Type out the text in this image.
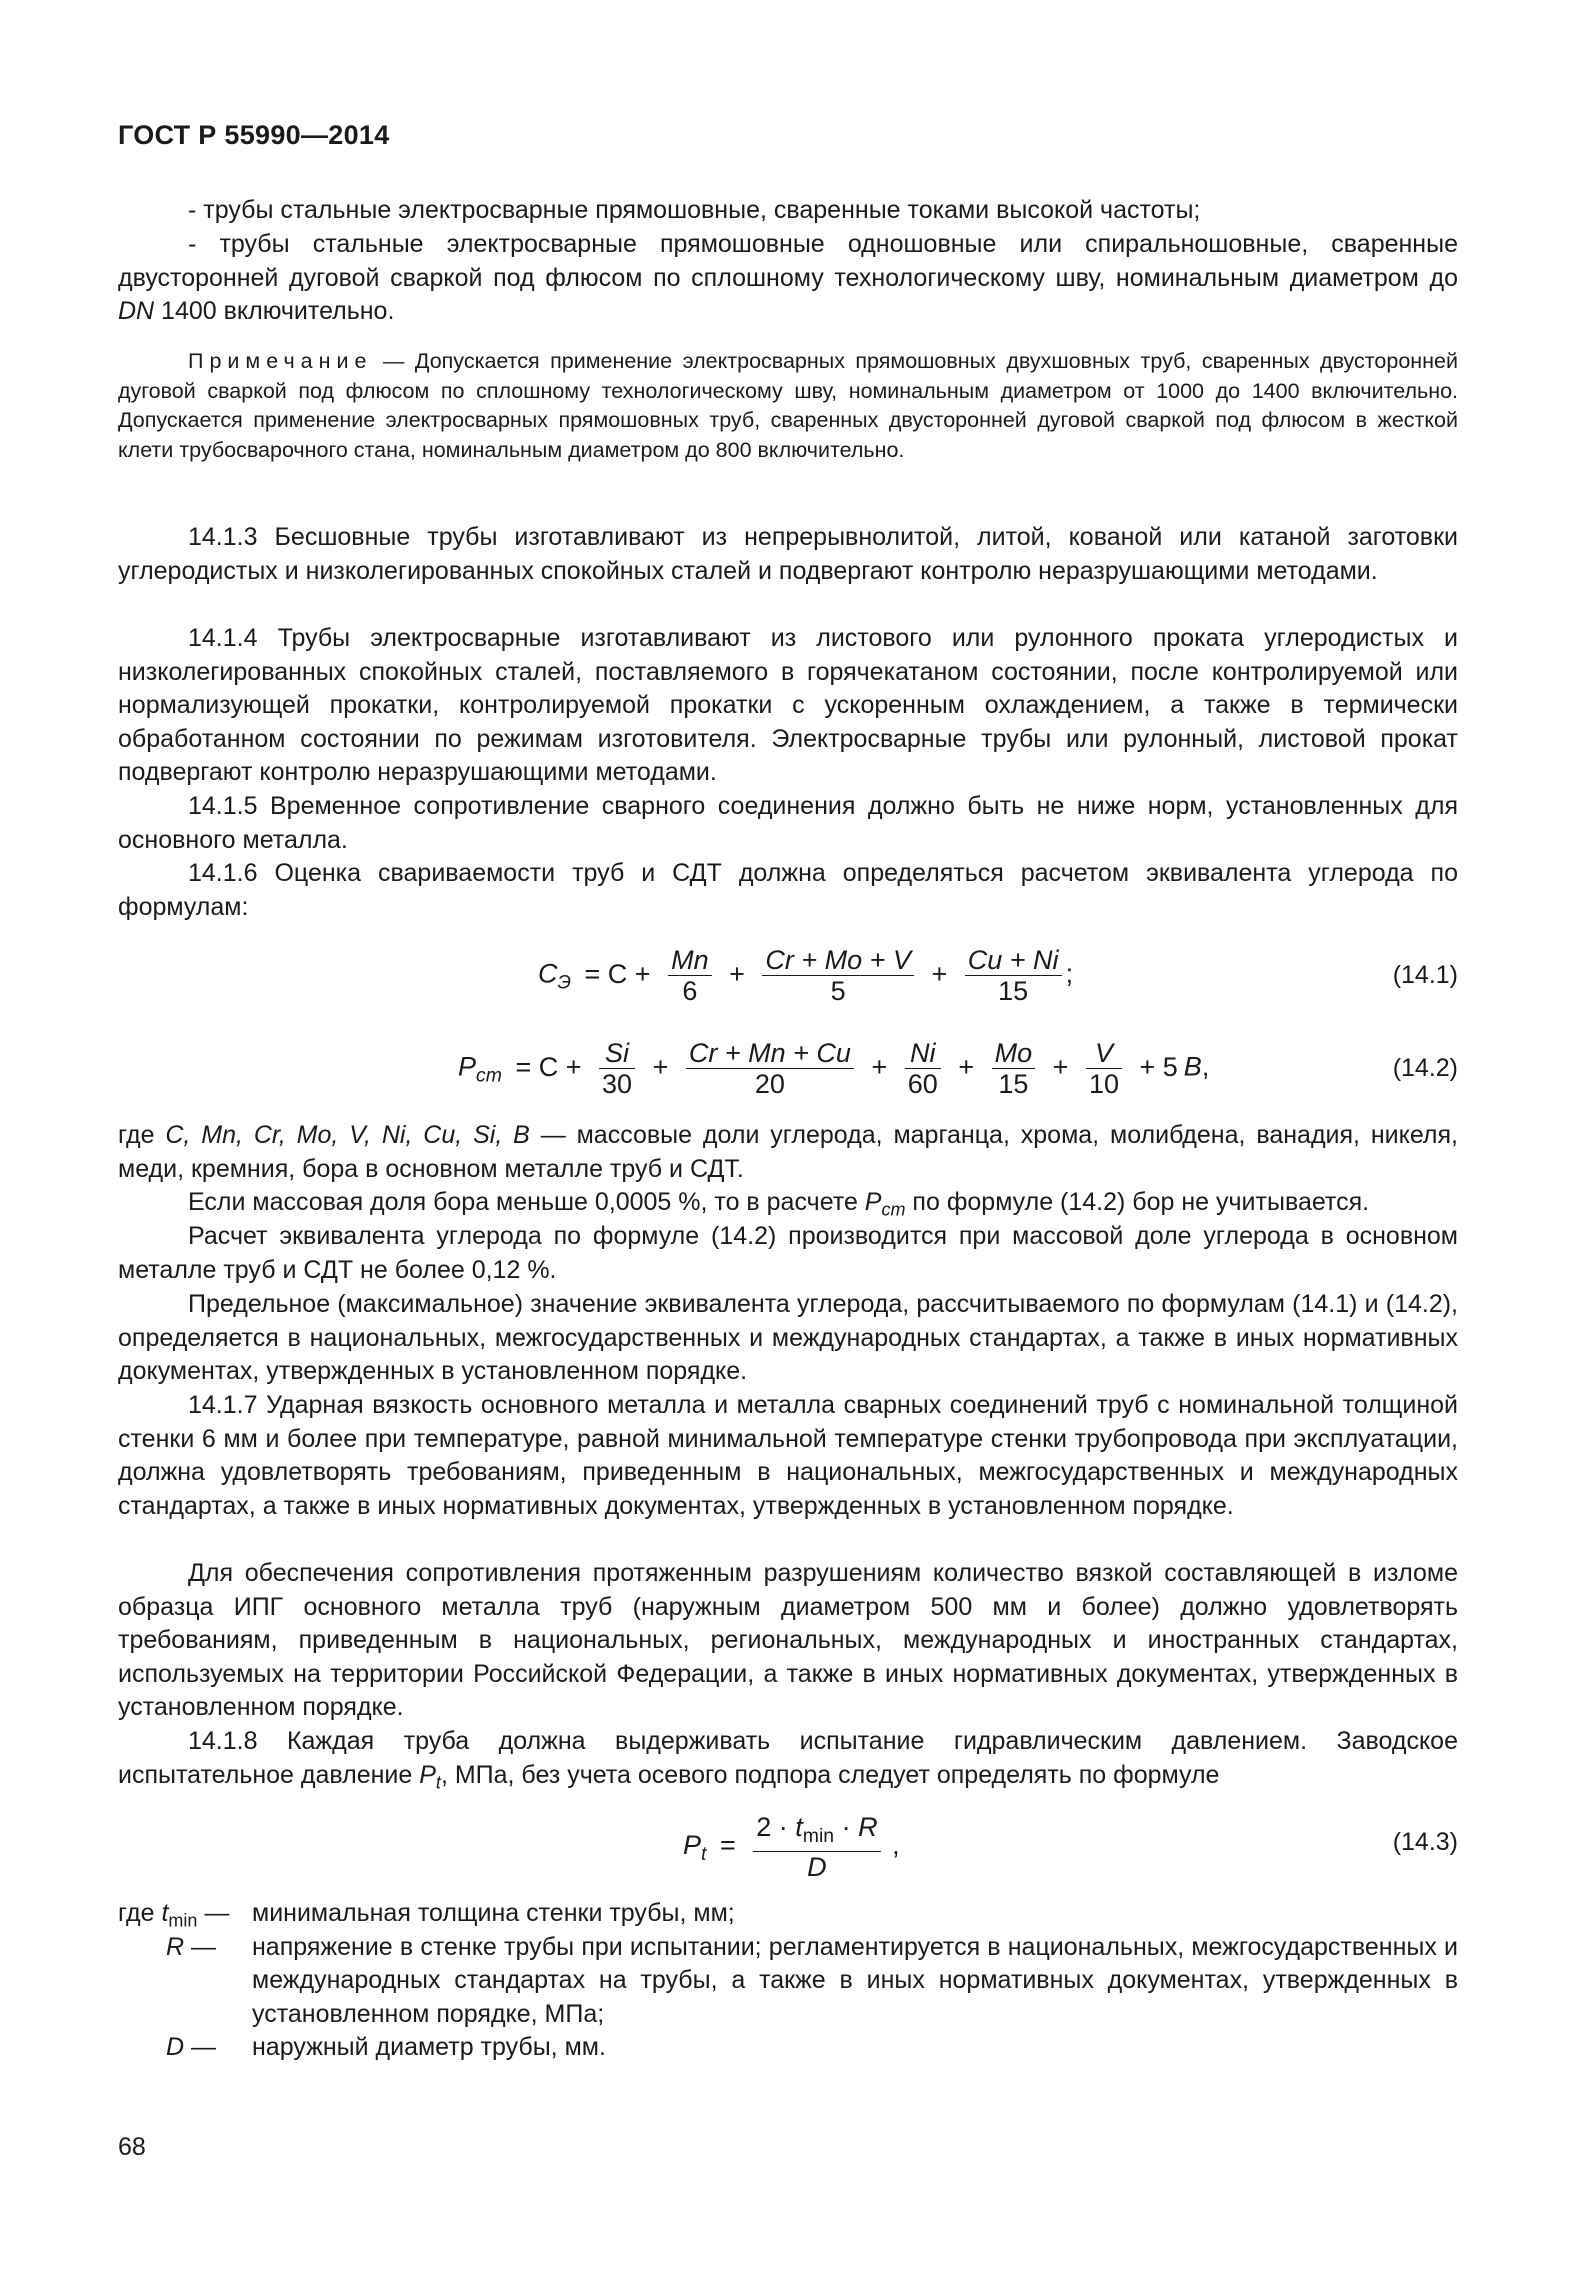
ГОСТ Р 55990—2014

- трубы стальные электросварные прямошовные, сваренные токами высокой частоты;

- трубы стальные электросварные прямошовные одношовные или спиральношовные, сваренные двусторонней дуговой сваркой под флюсом по сплошному технологическому шву, номинальным диаметром до DN 1400 включительно.

Примечание — Допускается применение электросварных прямошовных двухшовных труб, сваренных двусторонней дуговой сваркой под флюсом по сплошному технологическому шву, номинальным диаметром от 1000 до 1400 включительно. Допускается применение электросварных прямошовных труб, сваренных двусторонней дуговой сваркой под флюсом в жесткой клети трубосварочного стана, номинальным диаметром до 800 включительно.

14.1.3 Бесшовные трубы изготавливают из непрерывнолитой, литой, кованой или катаной заготовки углеродистых и низколегированных спокойных сталей и подвергают контролю неразрушающими методами.

14.1.4 Трубы электросварные изготавливают из листового или рулонного проката углеродистых и низколегированных спокойных сталей, поставляемого в горячекатаном состоянии, после контролируемой или нормализующей прокатки, контролируемой прокатки с ускоренным охлаждением, а также в термически обработанном состоянии по режимам изготовителя. Электросварные трубы или рулонный, листовой прокат подвергают контролю неразрушающими методами.

14.1.5 Временное сопротивление сварного соединения должно быть не ниже норм, установленных для основного металла.

14.1.6 Оценка свариваемости труб и СДТ должна определяться расчетом эквивалента углерода по формулам:

$C_Э = C + \frac{Mn}{6} + \frac{Cr + Mo + V}{5} + \frac{Cu + Ni}{15}$ ;	(14.1)
$P_{cm} = C + \frac{Si}{30} + \frac{Cr + Mn + Cu}{20} + \frac{Ni}{60} + \frac{Mo}{15} + \frac{V}{10} + 5$ B,	(14.2)

где C, Mn, Cr, Mo, V, Ni, Cu, Si, B — массовые доли углерода, марганца, хрома, молибдена, ванадия, никеля, меди, кремния, бора в основном металле труб и СДТ.

Если массовая доля бора меньше 0,0005 %, то в расчете $P_{cm}$ по формуле (14.2) бор не учитывается.

Расчет эквивалента углерода по формуле (14.2) производится при массовой доле углерода в основном металле труб и СДТ не более 0,12 %.

Предельное (максимальное) значение эквивалента углерода, рассчитываемого по формулам (14.1) и (14.2), определяется в национальных, межгосударственных и международных стандартах, а также в иных нормативных документах, утвержденных в установленном порядке.

14.1.7 Ударная вязкость основного металла и металла сварных соединений труб с номинальной толщиной стенки 6 мм и более при температуре, равной минимальной температуре стенки трубопровода при эксплуатации, должна удовлетворять требованиям, приведенным в национальных, межгосударственных и международных стандартах, а также в иных нормативных документах, утвержденных в установленном порядке.

Для обеспечения сопротивления протяженным разрушениям количество вязкой составляющей в изломе образца ИПГ основного металла труб (наружным диаметром 500 мм и более) должно удовлетворять требованиям, приведенным в национальных, региональных, международных и иностранных стандартах, используемых на территории Российской Федерации, а также в иных нормативных документах, утвержденных в установленном порядке.

14.1.8 Каждая труба должна выдерживать испытание гидравлическим давлением. Заводское испытательное давление $P_t$, МПа, без учета осевого подпора следует определять по формуле

$P_t = \frac{2 \cdot t_{min} \cdot R}{D}$ ,	(14.3)
где $t_{min}$ — минимальная толщина стенки трубы, мм;
R —	напряжение в стенке трубы при испытании; регламентируется в национальных, межгосударственных и международных стандартах на трубы, а также в иных нормативных документах, утвержденных в установленном порядке, МПа;
D —	наружный диаметр трубы, мм.
68
